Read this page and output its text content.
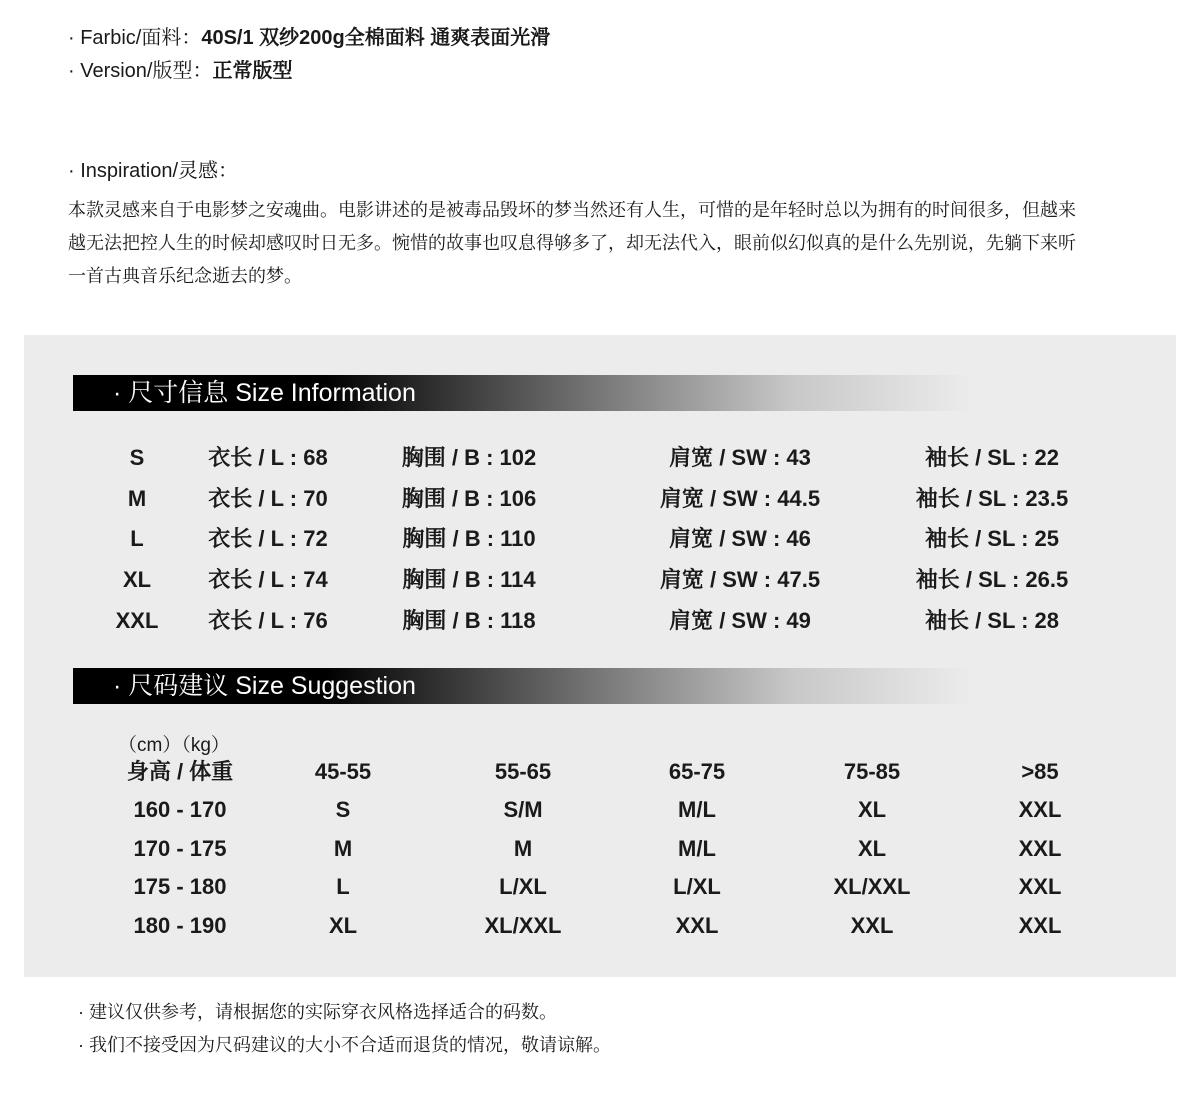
· Farbic/面料：40S/1 双纱200g全棉面料 通爽表面光滑
· Version/版型：正常版型
· Inspiration/灵感：
本款灵感来自于电影梦之安魂曲。电影讲述的是被毒品毁坏的梦当然还有人生，可惜的是年轻时总以为拥有的时间很多，但越来
越无法把控人生的时候却感叹时日无多。惋惜的故事也叹息得够多了，却无法代入，眼前似幻似真的是什么先别说，先躺下来听
一首古典音乐纪念逝去的梦。
· 尺寸信息 Size Information
S	衣长 / L : 68	胸围 / B : 102	肩宽 / SW : 43	袖长 / SL : 22
M	衣长 / L : 70	胸围 / B : 106	肩宽 / SW : 44.5	袖长 / SL : 23.5
L	衣长 / L : 72	胸围 / B : 110	肩宽 / SW : 46	袖长 / SL : 25
XL	衣长 / L : 74	胸围 / B : 114	肩宽 / SW : 47.5	袖长 / SL : 26.5
XXL	衣长 / L : 76	胸围 / B : 118	肩宽 / SW : 49	袖长 / SL : 28
· 尺码建议 Size Suggestion
（cm）（kg）
身高 / 体重	45-55	55-65	65-75	75-85	>85
160 - 170	S	S/M	M/L	XL	XXL
170 - 175	M	M	M/L	XL	XXL
175 - 180	L	L/XL	L/XL	XL/XXL	XXL
180 - 190	XL	XL/XXL	XXL	XXL	XXL
· 建议仅供参考，请根据您的实际穿衣风格选择适合的码数。
· 我们不接受因为尺码建议的大小不合适而退货的情况，敬请谅解。
